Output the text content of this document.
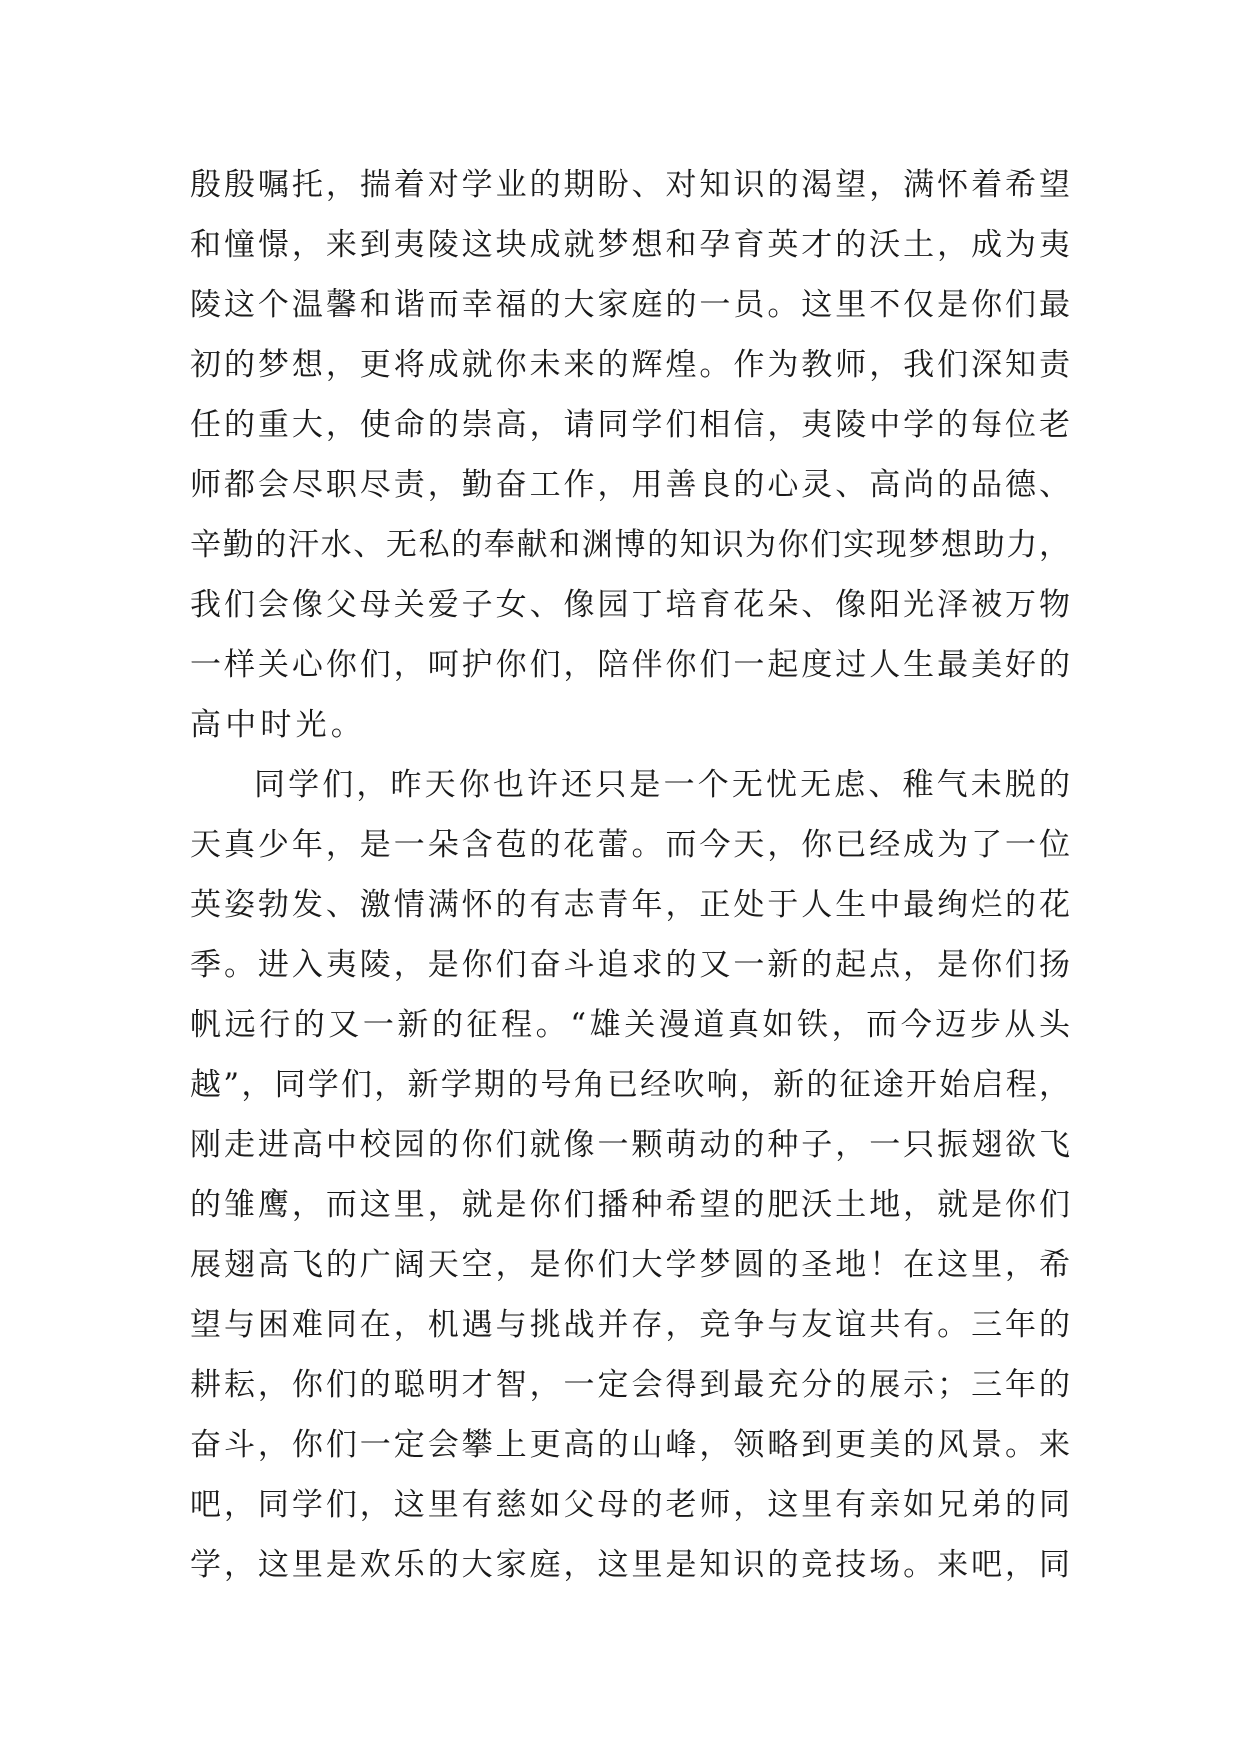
殷殷嘱托，揣着对学业的期盼、对知识的渴望，满怀着希望
和憧憬，来到夷陵这块成就梦想和孕育英才的沃土，成为夷
陵这个温馨和谐而幸福的大家庭的一员。这里不仅是你们最
初的梦想，更将成就你未来的辉煌。作为教师，我们深知责
任的重大，使命的崇高，请同学们相信，夷陵中学的每位老
师都会尽职尽责，勤奋工作，用善良的心灵、高尚的品德、
辛勤的汗水、无私的奉献和渊博的知识为你们实现梦想助力，
我们会像父母关爱子女、像园丁培育花朵、像阳光泽被万物
一样关心你们，呵护你们，陪伴你们一起度过人生最美好的
高中时光。
同学们，昨天你也许还只是一个无忧无虑、稚气未脱的
天真少年，是一朵含苞的花蕾。而今天，你已经成为了一位
英姿勃发、激情满怀的有志青年，正处于人生中最绚烂的花
季。进入夷陵，是你们奋斗追求的又一新的起点，是你们扬
帆远行的又一新的征程。“雄关漫道真如铁，而今迈步从头
越”，同学们，新学期的号角已经吹响，新的征途开始启程，
刚走进高中校园的你们就像一颗萌动的种子，一只振翅欲飞
的雏鹰，而这里，就是你们播种希望的肥沃土地，就是你们
展翅高飞的广阔天空，是你们大学梦圆的圣地！在这里，希
望与困难同在，机遇与挑战并存，竞争与友谊共有。三年的
耕耘，你们的聪明才智，一定会得到最充分的展示；三年的
奋斗，你们一定会攀上更高的山峰，领略到更美的风景。来
吧，同学们，这里有慈如父母的老师，这里有亲如兄弟的同
学，这里是欢乐的大家庭，这里是知识的竞技场。来吧，同
